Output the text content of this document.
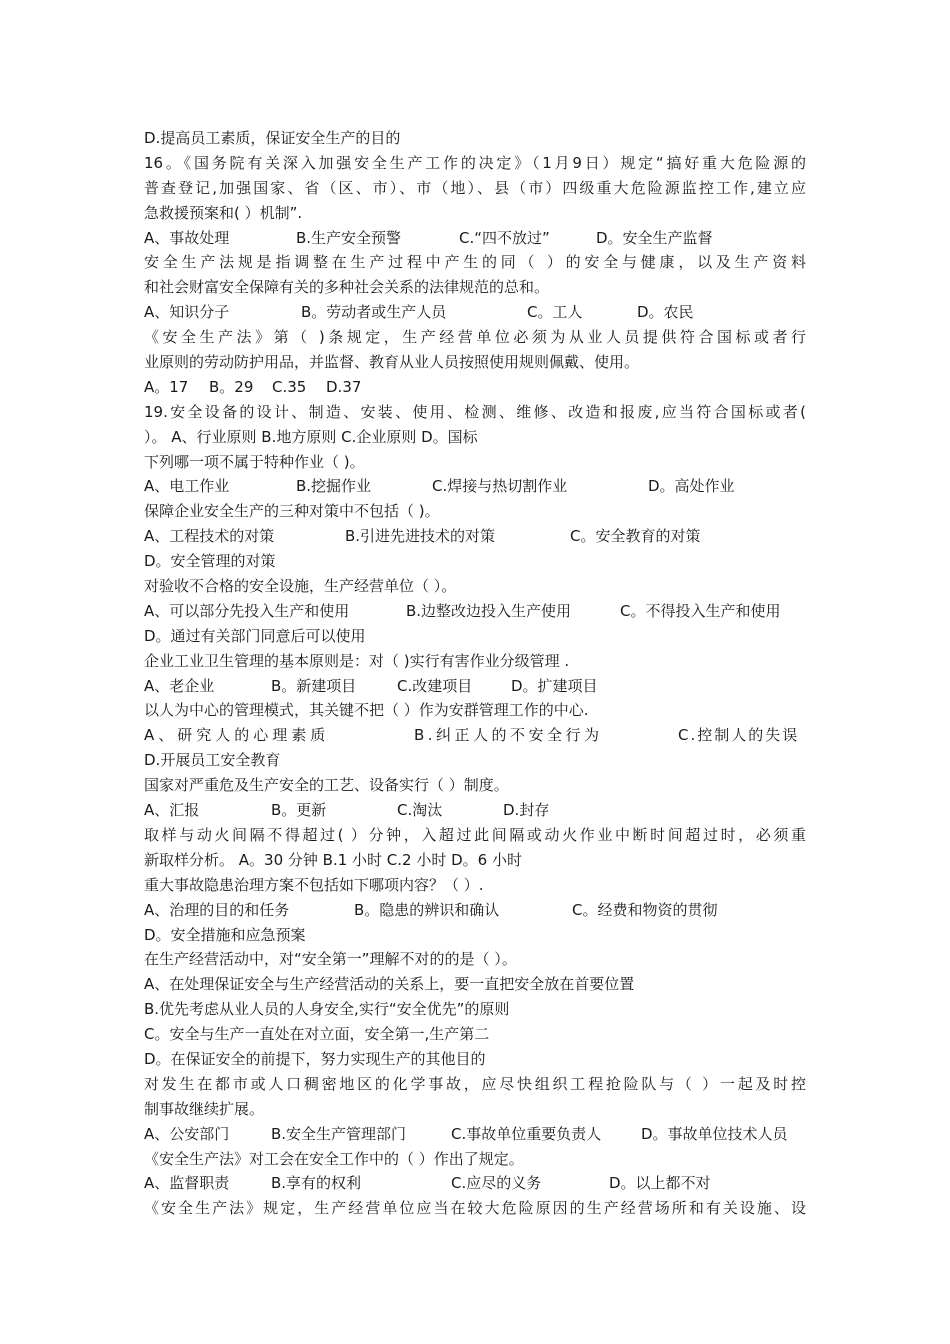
D.提高员工素质，保证安全生产的目的
16。《国务院有关深入加强安全生产工作的决定》（1月9日）规定“搞好重大危险源的
普查登记,加强国家、省（区、市）、市（地）、县（市）四级重大危险源监控工作,建立应
急救援预案和( ）机制”.
A、事故处理	B.生产安全预警	C.“四不放过”	D。安全生产监督
安全生产法规是指调整在生产过程中产生的同（ ）的安全与健康，以及生产资料
和社会财富安全保障有关的多种社会关系的法律规范的总和。
A、知识分子	B。劳动者或生产人员	C。工人	D。农民
《安全生产法》第（ )条规定，生产经营单位必须为从业人员提供符合国标或者行
业原则的劳动防护用品，并监督、教育从业人员按照使用规则佩戴、使用。
A。17	B。29	C.35	D.37
19.安全设备的设计、制造、安装、使用、检测、维修、改造和报废,应当符合国标或者(
）。 A、行业原则 B.地方原则 C.企业原则 D。国标
下列哪一项不属于特种作业（ )。
A、电工作业	B.挖掘作业	C.焊接与热切割作业	D。高处作业
保障企业安全生产的三种对策中不包括（ )。
A、工程技术的对策	B.引进先进技术的对策	C。安全教育的对策
D。安全管理的对策
对验收不合格的安全设施，生产经营单位（ ）。
A、可以部分先投入生产和使用	B.边整改边投入生产使用	C。不得投入生产和使用
D。通过有关部门同意后可以使用
企业工业卫生管理的基本原则是：对（ )实行有害作业分级管理 .
A、老企业	B。新建项目	C.改建项目	D。扩建项目
以人为中心的管理模式，其关键不把（ ）作为安群管理工作的中心.
A、研究人的心理素质	B.纠正人的不安全行为	C.控制人的失误
D.开展员工安全教育
国家对严重危及生产安全的工艺、设备实行（ ）制度。
A、汇报	B。更新	C.淘汰	D.封存
取样与动火间隔不得超过( ）分钟，入超过此间隔或动火作业中断时间超过时，必须重
新取样分析。 A。30 分钟 B.1 小时 C.2 小时 D。6 小时
重大事故隐患治理方案不包括如下哪项内容？（ ）.
A、治理的目的和任务	B。隐患的辨识和确认	C。经费和物资的贯彻
D。安全措施和应急预案
在生产经营活动中，对“安全第一”理解不对的的是（ ）。
A、在处理保证安全与生产经营活动的关系上，要一直把安全放在首要位置
B.优先考虑从业人员的人身安全,实行“安全优先”的原则
C。安全与生产一直处在对立面，安全第一,生产第二
D。在保证安全的前提下，努力实现生产的其他目的
对发生在都市或人口稠密地区的化学事故，应尽快组织工程抢险队与（ ）一起及时控
制事故继续扩展。
A、公安部门	B.安全生产管理部门	C.事故单位重要负责人	D。事故单位技术人员
《安全生产法》对工会在安全工作中的（ ）作出了规定。
A、监督职责	B.享有的权利	C.应尽的义务	D。以上都不对
《安全生产法》规定，生产经营单位应当在较大危险原因的生产经营场所和有关设施、设
